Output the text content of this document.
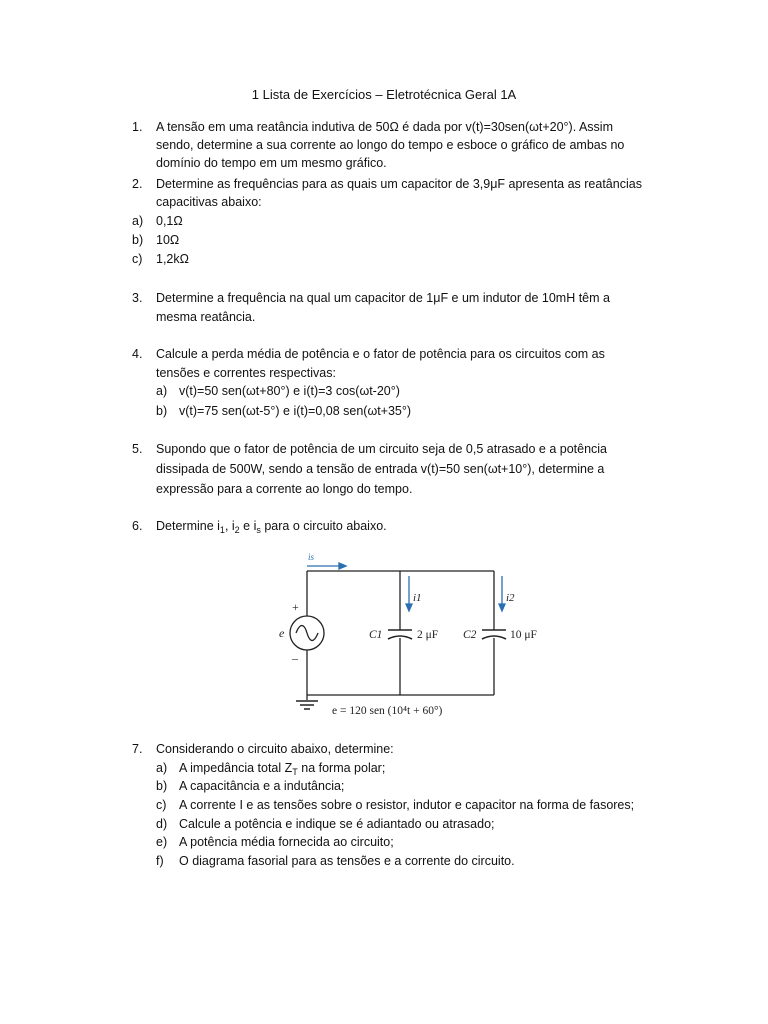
1 Lista de Exercícios – Eletrotécnica Geral 1A
1. A tensão em uma reatância indutiva de 50Ω é dada por v(t)=30sen(ωt+20°). Assim
sendo, determine a sua corrente ao longo do tempo e esboce o gráfico de ambas no
domínio do tempo em um mesmo gráfico.
2. Determine as frequências para as quais um capacitor de 3,9μF apresenta as reatâncias
capacitivas abaixo:
a) 0,1Ω
b) 10Ω
c) 1,2kΩ
3. Determine a frequência na qual um capacitor de 1μF e um indutor de 10mH têm a
mesma reatância.
4. Calcule a perda média de potência e o fator de potência para os circuitos com as
tensões e correntes respectivas:
a) v(t)=50 sen(ωt+80°) e i(t)=3 cos(ωt-20°)
b) v(t)=75 sen(ωt-5°) e i(t)=0,08 sen(ωt+35°)
5. Supondo que o fator de potência de um circuito seja de 0,5 atrasado e a potência
dissipada de 500W, sendo a tensão de entrada v(t)=50 sen(ωt+10°), determine a
expressão para a corrente ao longo do tempo.
6. Determine $i_1$, $i_2$ e $i_s$ para o circuito abaixo.
is
i1	i2
+
–
e	C1	2 μF C2	10 μF
e = 120 sen (10⁴t + 60°)
7. Considerando o circuito abaixo, determine:
a) A impedância total $Z_T$ na forma polar;
b) A capacitância e a indutância;
c) A corrente I e as tensões sobre o resistor, indutor e capacitor na forma de fasores;
d) Calcule a potência e indique se é adiantado ou atrasado;
e) A potência média fornecida ao circuito;
f) O diagrama fasorial para as tensões e a corrente do circuito.
